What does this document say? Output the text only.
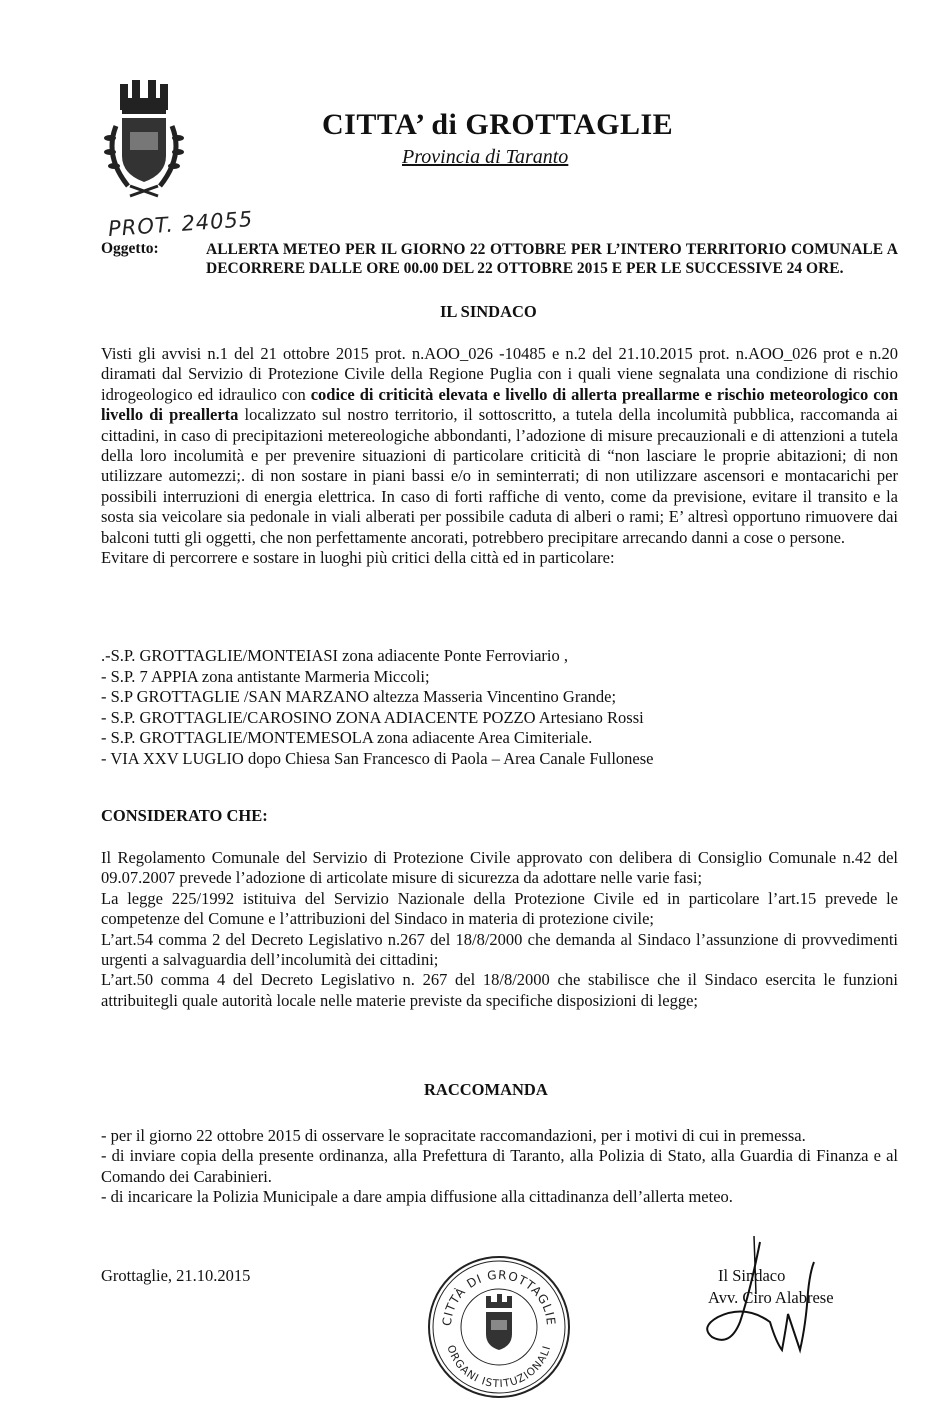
CITTA’ di GROTTAGLIE
Provincia di Taranto
PROT. 24055
Oggetto:	ALLERTA METEO PER IL GIORNO 22 OTTOBRE PER L’INTERO TERRITORIO COMUNALE A DECORRERE DALLE ORE 00.00 DEL 22 OTTOBRE 2015 E PER LE SUCCESSIVE 24 ORE.
IL SINDACO
Visti gli avvisi n.1 del 21 ottobre 2015 prot. n.AOO_026 -10485 e n.2 del 21.10.2015 prot. n.AOO_026 prot e n.20 diramati dal Servizio di Protezione Civile della Regione Puglia con i quali viene segnalata una condizione di rischio idrogeologico ed idraulico con codice di criticità elevata e livello di allerta preallarme e rischio meteorologico con livello di preallerta localizzato sul nostro territorio, il sottoscritto, a tutela della incolumità pubblica, raccomanda ai cittadini, in caso di precipitazioni metereologiche abbondanti, l’adozione di misure precauzionali e di attenzioni a tutela della loro incolumità e per prevenire situazioni di particolare criticità di “non lasciare le proprie abitazioni; di non utilizzare automezzi;. di non sostare in piani bassi e/o in seminterrati; di non utilizzare ascensori e montacarichi per possibili interruzioni di energia elettrica. In caso di forti raffiche di vento, come da previsione, evitare il transito e la sosta sia veicolare sia pedonale in viali alberati per possibile caduta di alberi o rami; E’ altresì opportuno rimuovere dai balconi tutti gli oggetti, che non perfettamente ancorati, potrebbero precipitare arrecando danni a cose o persone.
Evitare di percorrere e sostare in luoghi più critici della città ed in particolare:
.-S.P. GROTTAGLIE/MONTEIASI zona adiacente Ponte Ferroviario ,
- S.P. 7 APPIA zona antistante Marmeria Miccoli;
- S.P GROTTAGLIE /SAN MARZANO altezza Masseria Vincentino Grande;
- S.P. GROTTAGLIE/CAROSINO ZONA ADIACENTE POZZO Artesiano Rossi
- S.P. GROTTAGLIE/MONTEMESOLA zona adiacente Area Cimiteriale.
- VIA XXV LUGLIO dopo Chiesa San Francesco di Paola – Area Canale Fullonese
CONSIDERATO CHE:
Il Regolamento Comunale del Servizio di Protezione Civile approvato con delibera di Consiglio Comunale n.42 del 09.07.2007 prevede l’adozione di articolate misure di sicurezza da adottare nelle varie fasi;
La legge 225/1992 istituiva del Servizio Nazionale della Protezione Civile ed in particolare l’art.15 prevede le competenze del Comune e l’attribuzioni del Sindaco in materia di protezione civile;
L’art.54 comma 2 del Decreto Legislativo n.267 del 18/8/2000 che demanda al Sindaco l’assunzione di provvedimenti urgenti a salvaguardia dell’incolumità dei cittadini;
L’art.50 comma 4 del Decreto Legislativo n. 267 del 18/8/2000 che stabilisce che il Sindaco esercita le funzioni attribuitegli quale autorità locale nelle materie previste da specifiche disposizioni di legge;
RACCOMANDA
- per il giorno 22 ottobre 2015 di osservare le sopracitate raccomandazioni, per i motivi di cui in premessa.
- di inviare copia della presente ordinanza, alla Prefettura di Taranto, alla Polizia di Stato, alla Guardia di Finanza e al Comando dei Carabinieri.
- di incaricare la Polizia Municipale a dare ampia diffusione alla cittadinanza dell’allerta meteo.
Grottaglie, 21.10.2015
CITTÀ DI GROTTAGLIE
ORGANI ISTITUZIONALI
Il Sindaco
Avv. Ciro Alabrese
